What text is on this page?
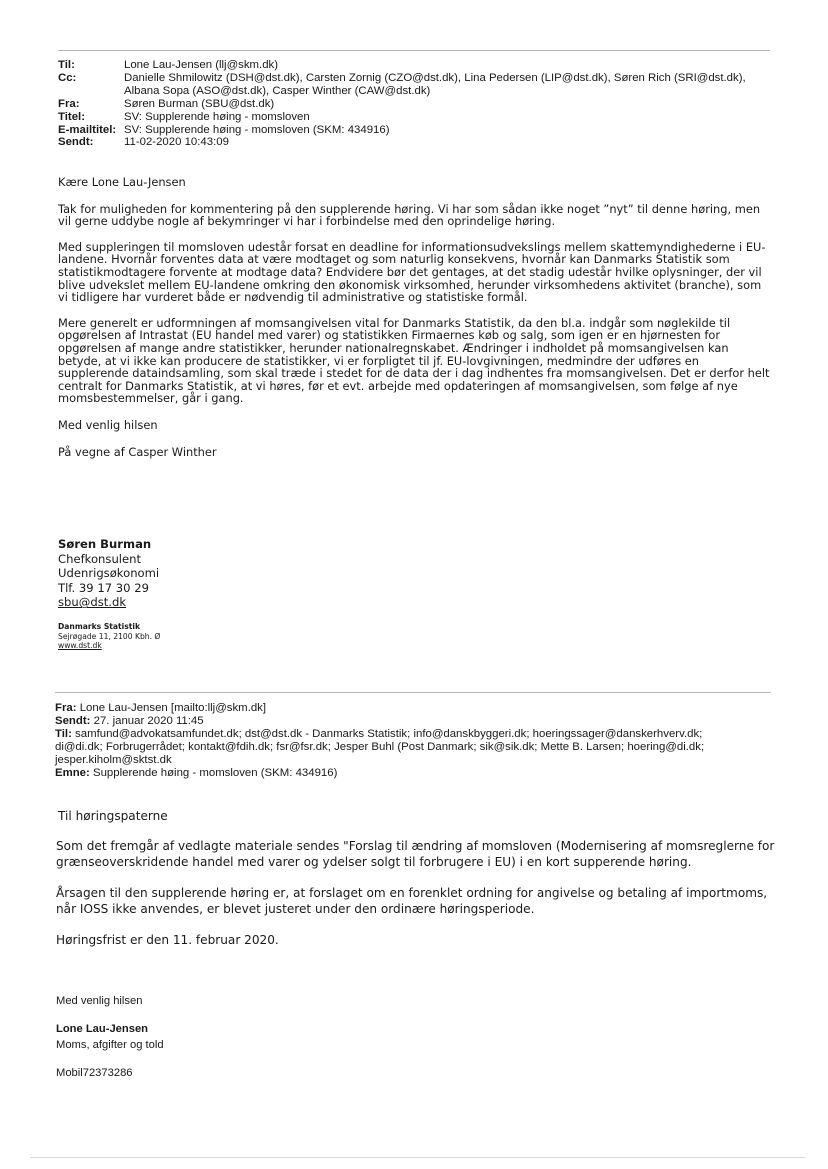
Til:	Lone Lau-Jensen (llj@skm.dk)
Cc:	Danielle Shmilowitz (DSH@dst.dk), Carsten Zornig (CZO@dst.dk), Lina Pedersen (LIP@dst.dk), Søren Rich (SRI@dst.dk), Albana Sopa (ASO@dst.dk), Casper Winther (CAW@dst.dk)
Fra:	Søren Burman (SBU@dst.dk)
Titel:	SV: Supplerende høing - momsloven
E-mailtitel: SV: Supplerende høing - momsloven (SKM: 434916)
Sendt:	11-02-2020 10:43:09

Kære Lone Lau-Jensen

Tak for muligheden for kommentering på den supplerende høring. Vi har som sådan ikke noget ”nyt” til denne høring, men vil gerne uddybe nogle af bekymringer vi har i forbindelse med den oprindelige høring.

Med suppleringen til momsloven udestår forsat en deadline for informationsudvekslings mellem skattemyndighederne i EU-landene. Hvornår forventes data at være modtaget og som naturlig konsekvens, hvornår kan Danmarks Statistik som statistikmodtagere forvente at modtage data? Endvidere bør det gentages, at det stadig udestår hvilke oplysninger, der vil blive udvekslet mellem EU-landene omkring den økonomisk virksomhed, herunder virksomhedens aktivitet (branche), som vi tidligere har vurderet både er nødvendig til administrative og statistiske formål.

Mere generelt er udformningen af momsangivelsen vital for Danmarks Statistik, da den bl.a. indgår som nøglekilde til opgørelsen af Intrastat (EU handel med varer) og statistikken Firmaernes køb og salg, som igen er en hjørnesten for opgørelsen af mange andre statistikker, herunder nationalregnskabet. Ændringer i indholdet på momsangivelsen kan betyde, at vi ikke kan producere de statistikker, vi er forpligtet til jf. EU-lovgivningen, medmindre der udføres en supplerende dataindsamling, som skal træde i stedet for de data der i dag indhentes fra momsangivelsen. Det er derfor helt centralt for Danmarks Statistik, at vi høres, før et evt. arbejde med opdateringen af momsangivelsen, som følge af nye momsbestemmelser, går i gang.

Med venlig hilsen

På vegne af Casper Winther

Søren Burman
Chefkonsulent
Udenrigsøkonomi
Tlf. 39 17 30 29
sbu@dst.dk
Danmarks Statistik
Sejrøgade 11, 2100 Kbh. Ø
www.dst.dk
Fra: Lone Lau-Jensen [mailto:llj@skm.dk]
Sendt: 27. januar 2020 11:45
Til: samfund@advokatsamfundet.dk; dst@dst.dk - Danmarks Statistik; info@danskbyggeri.dk; hoeringssager@danskerhverv.dk;
di@di.dk; Forbrugerrådet; kontakt@fdih.dk; fsr@fsr.dk; Jesper Buhl (Post Danmark; sik@sik.dk; Mette B. Larsen; hoering@di.dk;
jesper.kiholm@sktst.dk
Emne: Supplerende høing - momsloven (SKM: 434916)

Til høringspaterne

Som det fremgår af vedlagte materiale sendes "Forslag til ændring af momsloven (Modernisering af momsreglerne for grænseoverskridende handel med varer og ydelser solgt til forbrugere i EU) i en kort supperende høring.

Årsagen til den supplerende høring er, at forslaget om en forenklet ordning for angivelse og betaling af importmoms, når IOSS ikke anvendes, er blevet justeret under den ordinære høringsperiode.

Høringsfrist er den 11. februar 2020.

Med venlig hilsen

Lone Lau-Jensen

Moms, afgifter og told

Mobil72373286
